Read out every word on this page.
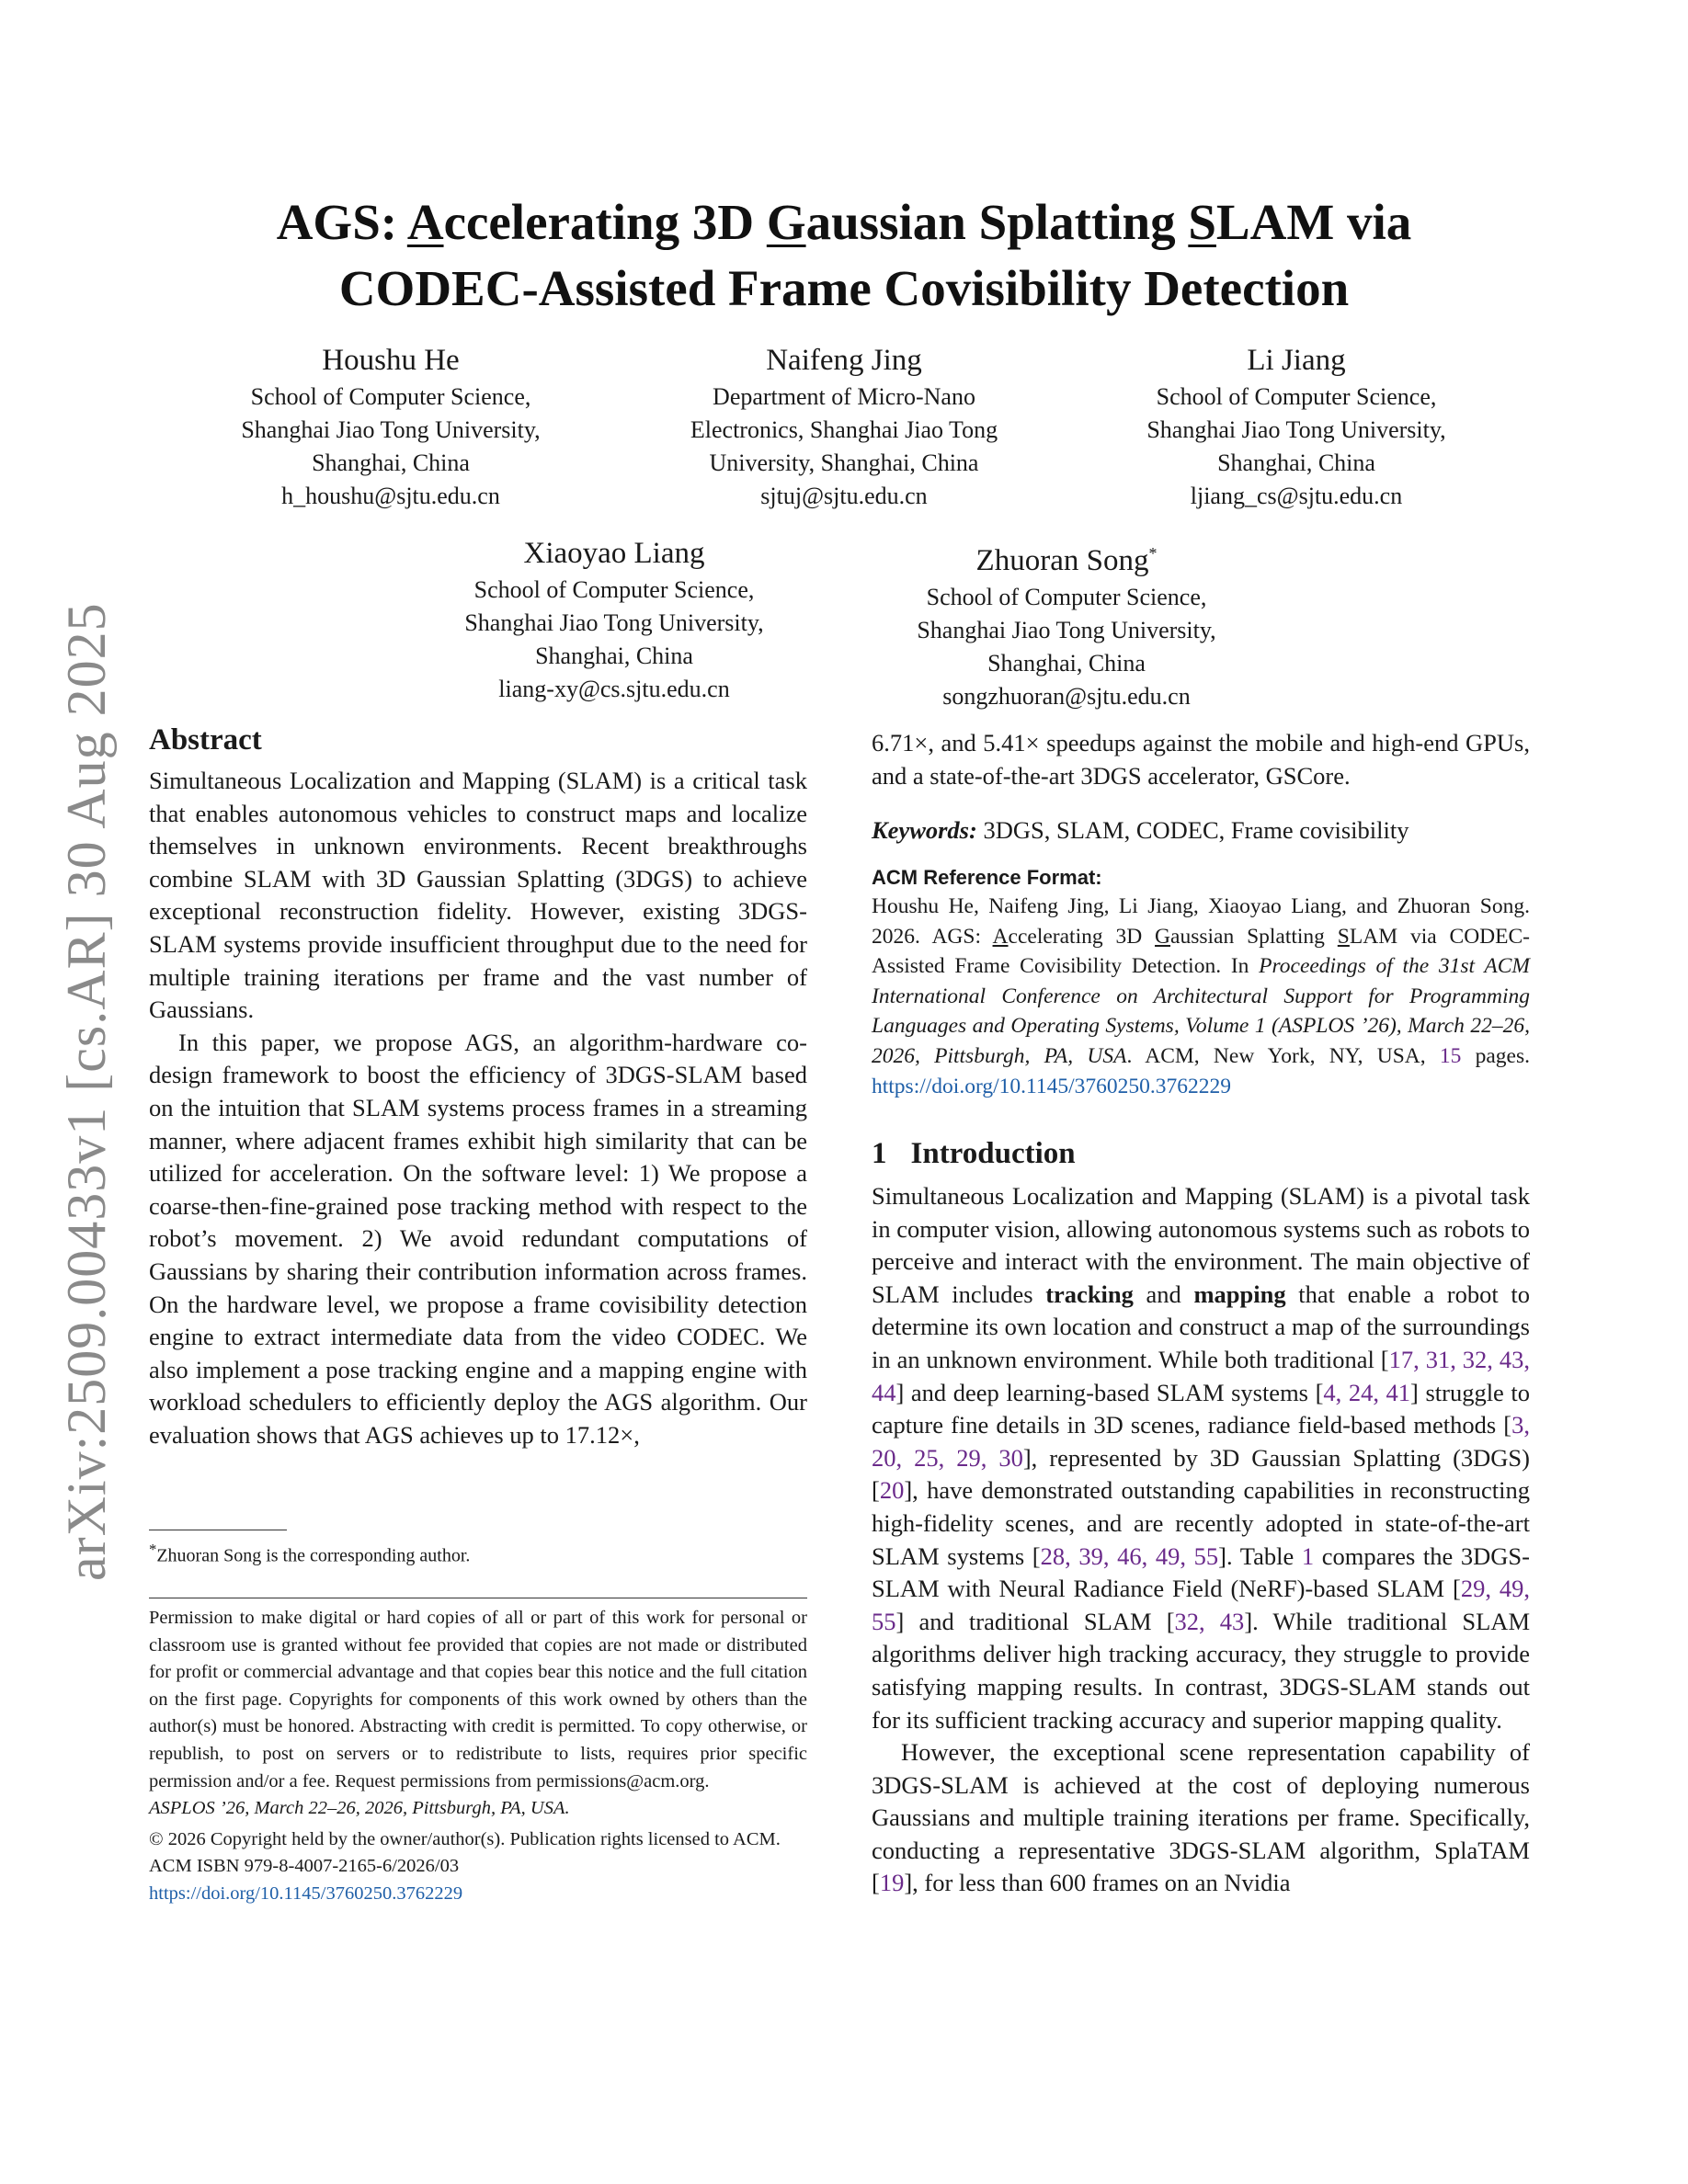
arXiv:2509.00433v1 [cs.AR] 30 Aug 2025
AGS: Accelerating 3D Gaussian Splatting SLAM via
CODEC-Assisted Frame Covisibility Detection
Houshu He
School of Computer Science,
Shanghai Jiao Tong University,
Shanghai, China
h_houshu@sjtu.edu.cn
Naifeng Jing
Department of Micro-Nano
Electronics, Shanghai Jiao Tong
University, Shanghai, China
sjtuj@sjtu.edu.cn
Li Jiang
School of Computer Science,
Shanghai Jiao Tong University,
Shanghai, China
ljiang_cs@sjtu.edu.cn
Xiaoyao Liang
School of Computer Science,
Shanghai Jiao Tong University,
Shanghai, China
liang-xy@cs.sjtu.edu.cn
Zhuoran Song*
School of Computer Science,
Shanghai Jiao Tong University,
Shanghai, China
songzhuoran@sjtu.edu.cn
Abstract

Simultaneous Localization and Mapping (SLAM) is a critical task that enables autonomous vehicles to construct maps and localize themselves in unknown environments. Recent breakthroughs combine SLAM with 3D Gaussian Splatting (3DGS) to achieve exceptional reconstruction fidelity. However, existing 3DGS-SLAM systems provide insufficient throughput due to the need for multiple training iterations per frame and the vast number of Gaussians.

In this paper, we propose AGS, an algorithm-hardware co-design framework to boost the efficiency of 3DGS-SLAM based on the intuition that SLAM systems process frames in a streaming manner, where adjacent frames exhibit high similarity that can be utilized for acceleration. On the software level: 1) We propose a coarse-then-fine-grained pose tracking method with respect to the robot’s movement. 2) We avoid redundant computations of Gaussians by sharing their contribution information across frames. On the hardware level, we propose a frame covisibility detection engine to extract intermediate data from the video CODEC. We also implement a pose tracking engine and a mapping engine with workload schedulers to efficiently deploy the AGS algorithm. Our evaluation shows that AGS achieves up to 17.12×,

*Zhuoran Song is the corresponding author.
Permission to make digital or hard copies of all or part of this work for personal or classroom use is granted without fee provided that copies are not made or distributed for profit or commercial advantage and that copies bear this notice and the full citation on the first page. Copyrights for components of this work owned by others than the author(s) must be honored. Abstracting with credit is permitted. To copy otherwise, or republish, to post on servers or to redistribute to lists, requires prior specific permission and/or a fee. Request permissions from permissions@acm.org.
ASPLOS ’26, March 22–26, 2026, Pittsburgh, PA, USA.
© 2026 Copyright held by the owner/author(s). Publication rights licensed to ACM.
ACM ISBN 979-8-4007-2165-6/2026/03
https://doi.org/10.1145/3760250.3762229

6.71×, and 5.41× speedups against the mobile and high-end GPUs, and a state-of-the-art 3DGS accelerator, GSCore.

Keywords: 3DGS, SLAM, CODEC, Frame covisibility
ACM Reference Format:
Houshu He, Naifeng Jing, Li Jiang, Xiaoyao Liang, and Zhuoran Song. 2026. AGS: Accelerating 3D Gaussian Splatting SLAM via CODEC-Assisted Frame Covisibility Detection. In Proceedings of the 31st ACM International Conference on Architectural Support for Programming Languages and Operating Systems, Volume 1 (ASPLOS ’26), March 22–26, 2026, Pittsburgh, PA, USA. ACM, New York, NY, USA, 15 pages. https://doi.org/10.1145/3760250.3762229
1 Introduction

Simultaneous Localization and Mapping (SLAM) is a pivotal task in computer vision, allowing autonomous systems such as robots to perceive and interact with the environment. The main objective of SLAM includes tracking and mapping that enable a robot to determine its own location and construct a map of the surroundings in an unknown environment. While both traditional [17, 31, 32, 43, 44] and deep learning-based SLAM systems [4, 24, 41] struggle to capture fine details in 3D scenes, radiance field-based methods [3, 20, 25, 29, 30], represented by 3D Gaussian Splatting (3DGS) [20], have demonstrated outstanding capabilities in reconstructing high-fidelity scenes, and are recently adopted in state-of-the-art SLAM systems [28, 39, 46, 49, 55]. Table 1 compares the 3DGS-SLAM with Neural Radiance Field (NeRF)-based SLAM [29, 49, 55] and traditional SLAM [32, 43]. While traditional SLAM algorithms deliver high tracking accuracy, they struggle to provide satisfying mapping results. In contrast, 3DGS-SLAM stands out for its sufficient tracking accuracy and superior mapping quality.

However, the exceptional scene representation capability of 3DGS-SLAM is achieved at the cost of deploying numerous Gaussians and multiple training iterations per frame. Specifically, conducting a representative 3DGS-SLAM algorithm, SplaTAM [19], for less than 600 frames on an Nvidia
